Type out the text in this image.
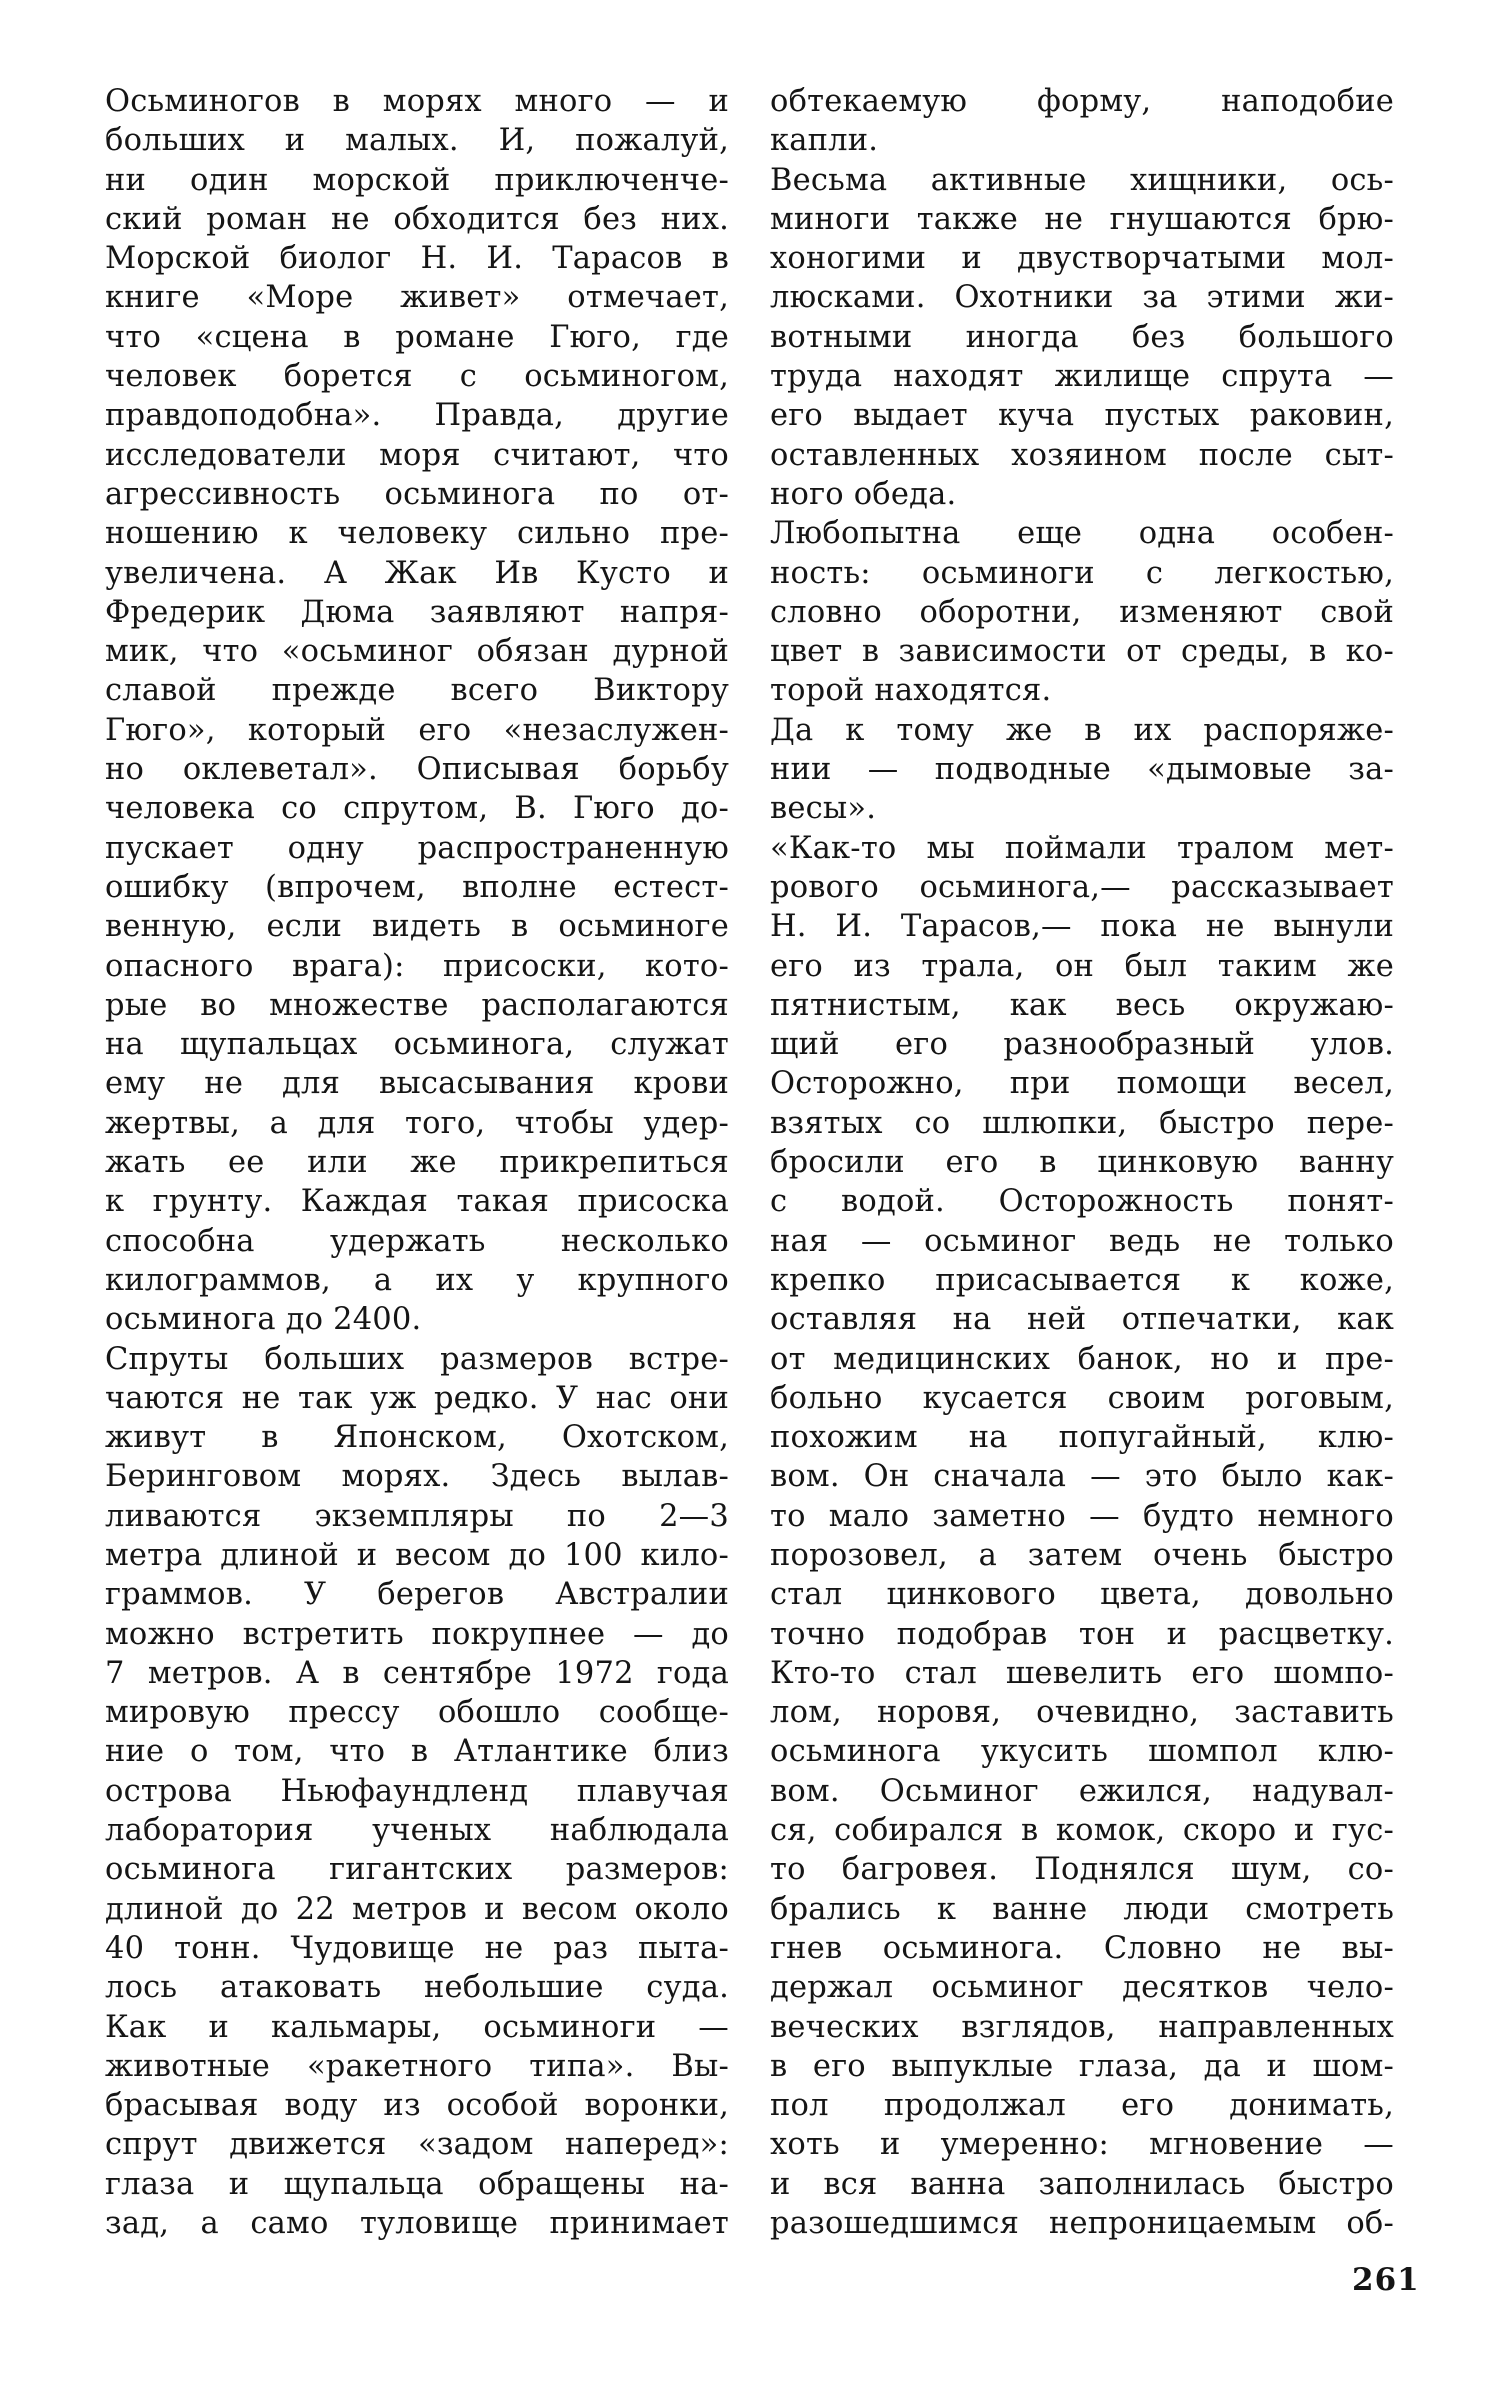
Осьминогов в морях много — и
больших и малых. И, пожалуй,
ни один морской приключенче-
ский роман не обходится без них.
Морской биолог Н. И. Тарасов в
книге «Море живет» отмечает,
что «сцена в романе Гюго, где
человек борется с осьминогом,
правдоподобна». Правда, другие
исследователи моря считают, что
агрессивность осьминога по от-
ношению к человеку сильно пре-
увеличена. А Жак Ив Кусто и
Фредерик Дюма заявляют напря-
мик, что «осьминог обязан дурной
славой прежде всего Виктору
Гюго», который его «незаслужен-
но оклеветал». Описывая борьбу
человека со спрутом, В. Гюго до-
пускает одну распространенную
ошибку (впрочем, вполне естест-
венную, если видеть в осьминоге
опасного врага): присоски, кото-
рые во множестве располагаются
на щупальцах осьминога, служат
ему не для высасывания крови
жертвы, а для того, чтобы удер-
жать ее или же прикрепиться
к грунту. Каждая такая присоска
способна удержать несколько
килограммов, а их у крупного
осьминога до 2400.
Спруты больших размеров встре-
чаются не так уж редко. У нас они
живут в Японском, Охотском,
Беринговом морях. Здесь вылав-
ливаются экземпляры по 2—3
метра длиной и весом до 100 кило-
граммов. У берегов Австралии
можно встретить покрупнее — до
7 метров. А в сентябре 1972 года
мировую прессу обошло сообще-
ние о том, что в Атлантике близ
острова Ньюфаундленд плавучая
лаборатория ученых наблюдала
осьминога гигантских размеров:
длиной до 22 метров и весом около
40 тонн. Чудовище не раз пыта-
лось атаковать небольшие суда.
Как и кальмары, осьминоги —
животные «ракетного типа». Вы-
брасывая воду из особой воронки,
спрут движется «задом наперед»:
глаза и щупальца обращены на-
зад, а само туловище принимает
обтекаемую форму, наподобие
капли.
Весьма активные хищники, ось-
миноги также не гнушаются брю-
хоногими и двустворчатыми мол-
люсками. Охотники за этими жи-
вотными иногда без большого
труда находят жилище спрута —
его выдает куча пустых раковин,
оставленных хозяином после сыт-
ного обеда.
Любопытна еще одна особен-
ность: осьминоги с легкостью,
словно оборотни, изменяют свой
цвет в зависимости от среды, в ко-
торой находятся.
Да к тому же в их распоряже-
нии — подводные «дымовые за-
весы».
«Как-то мы поймали тралом мет-
рового осьминога,— рассказывает
Н. И. Тарасов,— пока не вынули
его из трала, он был таким же
пятнистым, как весь окружаю-
щий его разнообразный улов.
Осторожно, при помощи весел,
взятых со шлюпки, быстро пере-
бросили его в цинковую ванну
с водой. Осторожность понят-
ная — осьминог ведь не только
крепко присасывается к коже,
оставляя на ней отпечатки, как
от медицинских банок, но и пре-
больно кусается своим роговым,
похожим на попугайный, клю-
вом. Он сначала — это было как-
то мало заметно — будто немного
порозовел, а затем очень быстро
стал цинкового цвета, довольно
точно подобрав тон и расцветку.
Кто-то стал шевелить его шомпо-
лом, норовя, очевидно, заставить
осьминога укусить шомпол клю-
вом. Осьминог ежился, надувал-
ся, собирался в комок, скоро и гус-
то багровея. Поднялся шум, со-
брались к ванне люди смотреть
гнев осьминога. Словно не вы-
держал осьминог десятков чело-
веческих взглядов, направленных
в его выпуклые глаза, да и шом-
пол продолжал его донимать,
хоть и умеренно: мгновение —
и вся ванна заполнилась быстро
разошедшимся непроницаемым об-
261
